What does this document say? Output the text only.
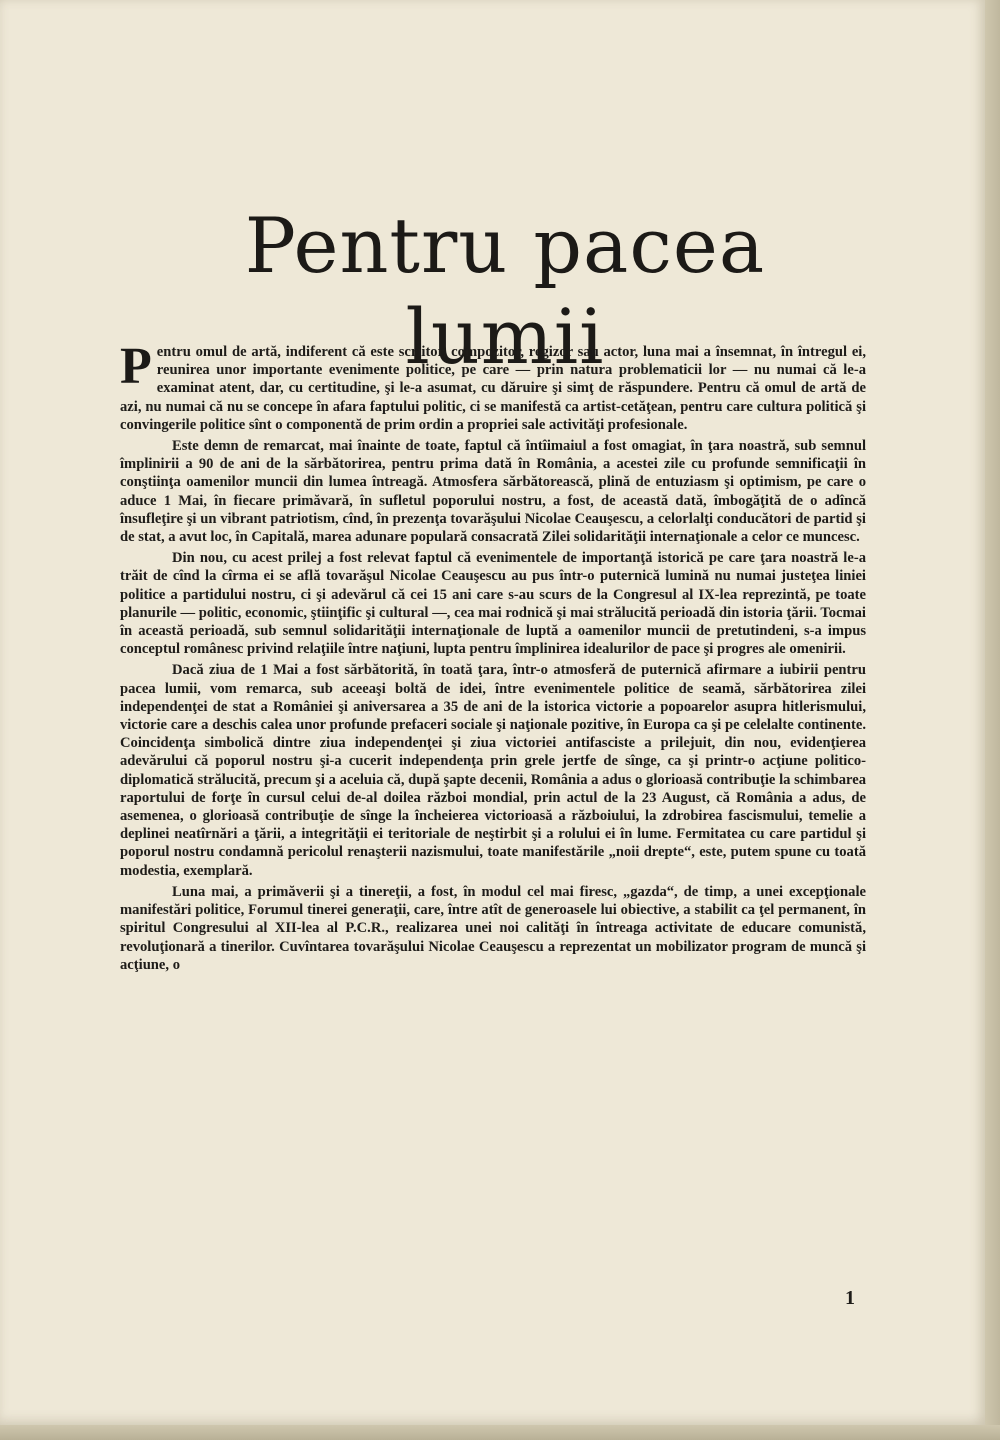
Pentru pacea lumii

Pentru omul de artă, indiferent că este scriitor, compozitor, regizor sau actor, luna mai a însemnat, în întregul ei, reunirea unor importante evenimente politice, pe care — prin natura problematicii lor — nu numai că le-a examinat atent, dar, cu certitudine, şi le-a asumat, cu dăruire şi simţ de răspundere. Pentru că omul de artă de azi, nu numai că nu se concepe în afara faptului politic, ci se manifestă ca artist-cetăţean, pentru care cultura politică şi convingerile politice sînt o componentă de prim ordin a propriei sale activităţi profesionale.

Este demn de remarcat, mai înainte de toate, faptul că întîimaiul a fost omagiat, în ţara noastră, sub semnul împlinirii a 90 de ani de la sărbătorirea, pentru prima dată în România, a acestei zile cu profunde semnificaţii în conştiinţa oamenilor muncii din lumea întreagă. Atmosfera sărbătorească, plină de entuziasm şi optimism, pe care o aduce 1 Mai, în fiecare primăvară, în sufletul poporului nostru, a fost, de această dată, îmbogăţită de o adîncă însufleţire şi un vibrant patriotism, cînd, în prezenţa tovarăşului Nicolae Ceauşescu, a celorlalţi conducători de partid şi de stat, a avut loc, în Capitală, marea adunare populară consacrată Zilei solidarităţii internaţionale a celor ce muncesc.

Din nou, cu acest prilej a fost relevat faptul că evenimentele de importanţă istorică pe care ţara noastră le-a trăit de cînd la cîrma ei se află tovarăşul Nicolae Ceauşescu au pus într-o puternică lumină nu numai justeţea liniei politice a partidului nostru, ci şi adevărul că cei 15 ani care s-au scurs de la Congresul al IX-lea reprezintă, pe toate planurile — politic, economic, ştiinţific şi cultural —, cea mai rodnică şi mai strălucită perioadă din istoria ţării. Tocmai în această perioadă, sub semnul solidarităţii internaţionale de luptă a oamenilor muncii de pretutindeni, s-a impus conceptul românesc privind relaţiile între naţiuni, lupta pentru împlinirea idealurilor de pace şi progres ale omenirii.

Dacă ziua de 1 Mai a fost sărbătorită, în toată ţara, într-o atmosferă de puternică afirmare a iubirii pentru pacea lumii, vom remarca, sub aceeaşi boltă de idei, între evenimentele politice de seamă, sărbătorirea zilei independenţei de stat a României şi aniversarea a 35 de ani de la istorica victorie a popoarelor asupra hitlerismului, victorie care a deschis calea unor profunde prefaceri sociale şi naţionale pozitive, în Europa ca şi pe celelalte continente. Coincidenţa simbolică dintre ziua independenţei şi ziua victoriei antifasciste a prilejuit, din nou, evidenţierea adevărului că poporul nostru şi-a cucerit independenţa prin grele jertfe de sînge, ca şi printr-o acţiune politico-diplomatică strălucită, precum şi a aceluia că, după şapte decenii, România a adus o glorioasă contribuţie la schimbarea raportului de forţe în cursul celui de-al doilea război mondial, prin actul de la 23 August, că România a adus, de asemenea, o glorioasă contribuţie de sînge la încheierea victorioasă a războiului, la zdrobirea fascismului, temelie a deplinei neatîrnări a ţării, a integrităţii ei teritoriale de neştirbit şi a rolului ei în lume. Fermitatea cu care partidul şi poporul nostru condamnă pericolul renaşterii nazismului, toate manifestările „noii drepte“, este, putem spune cu toată modestia, exemplară.

Luna mai, a primăverii şi a tinereţii, a fost, în modul cel mai firesc, „gazda“, de timp, a unei excepţionale manifestări politice, Forumul tinerei generaţii, care, între atît de generoasele lui obiective, a stabilit ca ţel permanent, în spiritul Congresului al XII-lea al P.C.R., realizarea unei noi calităţi în întreaga activitate de educare comunistă, revoluţionară a tinerilor. Cuvîntarea tovarăşului Nicolae Ceauşescu a reprezentat un mobilizator program de muncă şi acţiune, o

1
